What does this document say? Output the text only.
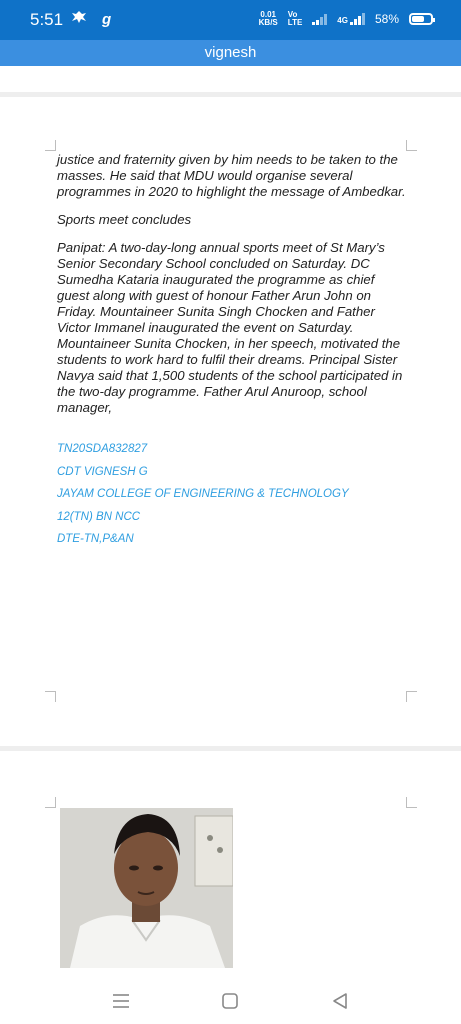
5:51	g	0.01
KB/S
Vo
LTE	4G 58%
vignesh

justice and fraternity given by him needs to be taken to the masses. He said that MDU would organise several programmes in 2020 to highlight the message of Ambedkar.

Sports meet concludes

Panipat: A two-day-long annual sports meet of St Mary’s Senior Secondary School concluded on Saturday. DC Sumedha Kataria inaugurated the programme as chief guest along with guest of honour Father Arun John on Friday. Mountaineer Sunita Singh Chocken and Father Victor Immanel inaugurated the event on Saturday. Mountaineer Sunita Chocken, in her speech, motivated the students to work hard to fulfil their dreams. Principal Sister Navya said that 1,500 students of the school participated in the two-day programme. Father Arul Anuroop, school manager,

TN20SDA832827
CDT VIGNESH G
JAYAM COLLEGE OF ENGINEERING & TECHNOLOGY
12(TN) BN NCC
DTE-TN,P&AN
